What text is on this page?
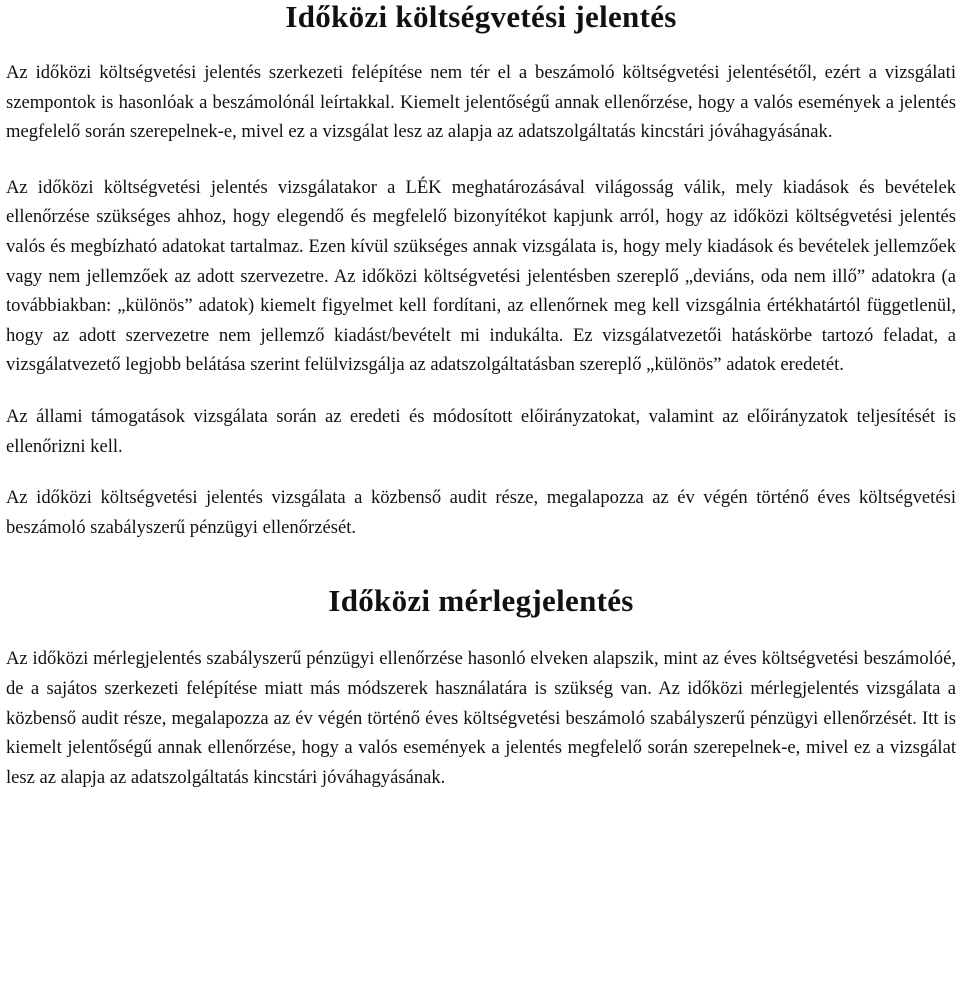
Időközi költségvetési jelentés

Az időközi költségvetési jelentés szerkezeti felépítése nem tér el a beszámoló költségvetési jelentésétől, ezért a vizsgálati szempontok is hasonlóak a beszámolónál leírtakkal. Kiemelt jelentőségű annak ellenőrzése, hogy a valós események a jelentés megfelelő során szerepelnek-e, mivel ez a vizsgálat lesz az alapja az adatszolgáltatás kincstári jóváhagyásának.

Az időközi költségvetési jelentés vizsgálatakor a LÉK meghatározásával világosság válik, mely kiadások és bevételek ellenőrzése szükséges ahhoz, hogy elegendő és megfelelő bizonyítékot kapjunk arról, hogy az időközi költségvetési jelentés valós és megbízható adatokat tartalmaz. Ezen kívül szükséges annak vizsgálata is, hogy mely kiadások és bevételek jellemzőek vagy nem jellemzőek az adott szervezetre. Az időközi költségvetési jelentésben szereplő „deviáns, oda nem illő” adatokra (a továbbiakban: „különös” adatok) kiemelt figyelmet kell fordítani, az ellenőrnek meg kell vizsgálnia értékhatártól függetlenül, hogy az adott szervezetre nem jellemző kiadást/bevételt mi indukálta. Ez vizsgálatvezetői hatáskörbe tartozó feladat, a vizsgálatvezető legjobb belátása szerint felülvizsgálja az adatszolgáltatásban szereplő „különös” adatok eredetét.

Az állami támogatások vizsgálata során az eredeti és módosított előirányzatokat, valamint az előirányzatok teljesítését is ellenőrizni kell.

Az időközi költségvetési jelentés vizsgálata a közbenső audit része, megalapozza az év végén történő éves költségvetési beszámoló szabályszerű pénzügyi ellenőrzését.

Időközi mérlegjelentés

Az időközi mérlegjelentés szabályszerű pénzügyi ellenőrzése hasonló elveken alapszik, mint az éves költségvetési beszámolóé, de a sajátos szerkezeti felépítése miatt más módszerek használatára is szükség van. Az időközi mérlegjelentés vizsgálata a közbenső audit része, megalapozza az év végén történő éves költségvetési beszámoló szabályszerű pénzügyi ellenőrzését. Itt is kiemelt jelentőségű annak ellenőrzése, hogy a valós események a jelentés megfelelő során szerepelnek-e, mivel ez a vizsgálat lesz az alapja az adatszolgáltatás kincstári jóváhagyásának.
